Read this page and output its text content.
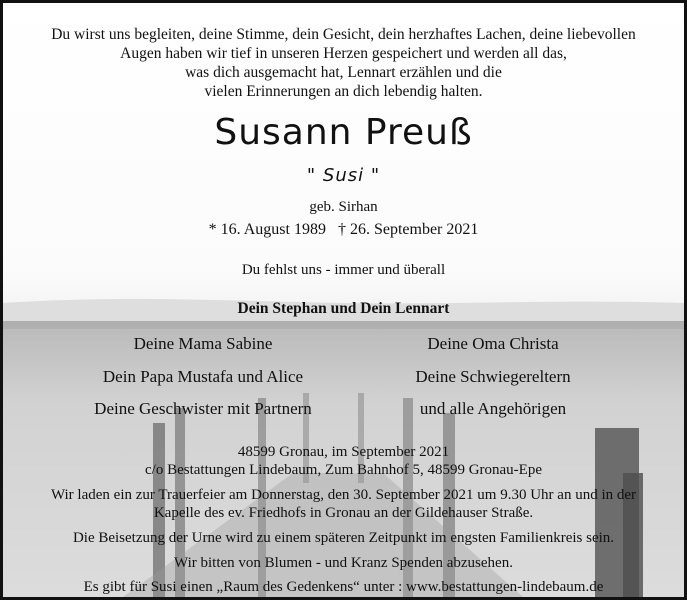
Du wirst uns begleiten, deine Stimme, dein Gesicht, dein herzhaftes Lachen, deine liebevollen
Augen haben wir tief in unseren Herzen gespeichert und werden all das,
was dich ausgemacht hat, Lennart erzählen und die
vielen Erinnerungen an dich lebendig halten.
Susann Preuß
" Susi "
geb. Sirhan
* 16. August 1989 † 26. September 2021
Du fehlst uns - immer und überall
Dein Stephan und Dein Lennart
Deine Mama Sabine
Dein Papa Mustafa und Alice
Deine Geschwister mit Partnern
Deine Oma Christa
Deine Schwiegereltern
und alle Angehörigen
48599 Gronau, im September 2021
c/o Bestattungen Lindebaum, Zum Bahnhof 5, 48599 Gronau-Epe
Wir laden ein zur Trauerfeier am Donnerstag, den 30. September 2021 um 9.30 Uhr an und in der
Kapelle des ev. Friedhofs in Gronau an der Gildehauser Straße.
Die Beisetzung der Urne wird zu einem späteren Zeitpunkt im engsten Familienkreis sein.
Wir bitten von Blumen - und Kranz Spenden abzusehen.
Es gibt für Susi einen „Raum des Gedenkens“ unter : www.bestattungen-lindebaum.de
